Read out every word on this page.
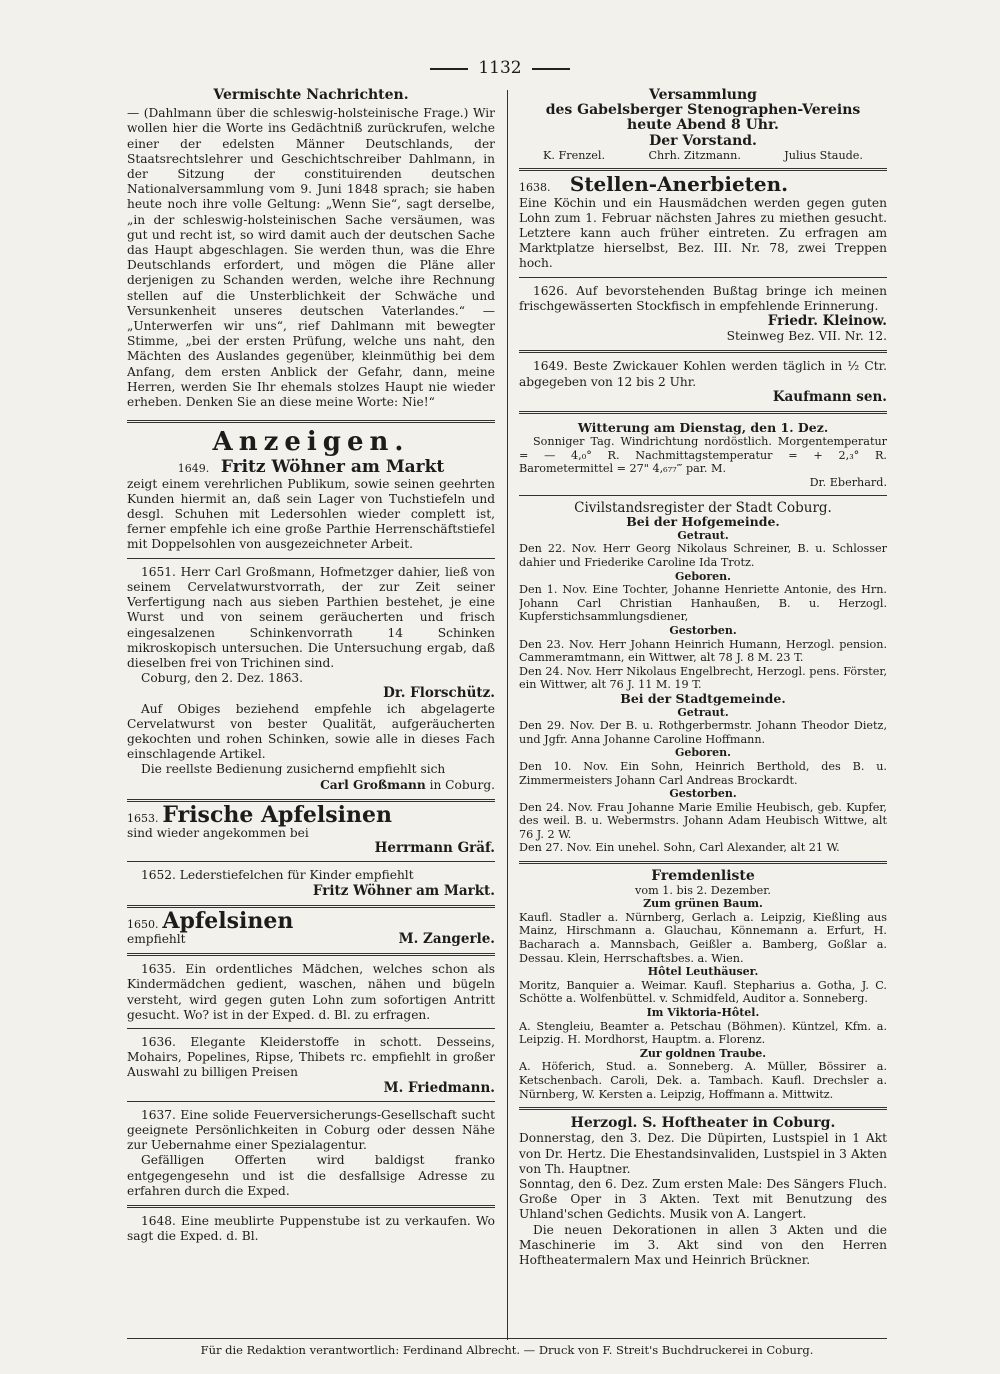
1132

Vermischte Nachrichten.

— (Dahlmann über die schleswig-holsteinische Frage.) Wir wollen hier die Worte ins Gedächtniß zurückrufen, welche einer der edelsten Männer Deutschlands, der Staatsrechtslehrer und Geschichtschreiber Dahlmann, in der Sitzung der constituirenden deutschen Nationalversammlung vom 9. Juni 1848 sprach; sie haben heute noch ihre volle Geltung: „Wenn Sie“, sagt derselbe, „in der schleswig-holsteinischen Sache versäumen, was gut und recht ist, so wird damit auch der deutschen Sache das Haupt abgeschlagen. Sie werden thun, was die Ehre Deutschlands erfordert, und mögen die Pläne aller derjenigen zu Schanden werden, welche ihre Rechnung stellen auf die Unsterblichkeit der Schwäche und Versunkenheit unseres deutschen Vaterlandes.“ — „Unterwerfen wir uns“, rief Dahlmann mit bewegter Stimme, „bei der ersten Prüfung, welche uns naht, den Mächten des Auslandes gegenüber, kleinmüthig bei dem Anfang, dem ersten Anblick der Gefahr, dann, meine Herren, werden Sie Ihr ehemals stolzes Haupt nie wieder erheben. Denken Sie an diese meine Worte: Nie!“

Anzeigen.

1649. Fritz Wöhner am Markt

zeigt einem verehrlichen Publikum, sowie seinen geehrten Kunden hiermit an, daß sein Lager von Tuchstiefeln und desgl. Schuhen mit Ledersohlen wieder complett ist, ferner empfehle ich eine große Parthie Herrenschäftstiefel mit Doppelsohlen von ausgezeichneter Arbeit.

1651. Herr Carl Großmann, Hofmetzger dahier, ließ von seinem Cervelatwurstvorrath, der zur Zeit seiner Verfertigung nach aus sieben Parthien bestehet, je eine Wurst und von seinem geräucherten und frisch eingesalzenen Schinkenvorrath 14 Schinken mikroskopisch untersuchen. Die Untersuchung ergab, daß dieselben frei von Trichinen sind.

Coburg, den 2. Dez. 1863.

Dr. Florschütz.

Auf Obiges beziehend empfehle ich abgelagerte Cervelatwurst von bester Qualität, aufgeräucherten gekochten und rohen Schinken, sowie alle in dieses Fach einschlagende Artikel.

Die reellste Bedienung zusichernd empfiehlt sich

Carl Großmann in Coburg.

1653. Frische Apfelsinen

sind wieder angekommen bei

Herrmann Gräf.

1652. Lederstiefelchen für Kinder empfiehlt

Fritz Wöhner am Markt.

1650. Apfelsinen

empfiehlt	M. Zangerle.

1635. Ein ordentliches Mädchen, welches schon als Kindermädchen gedient, waschen, nähen und bügeln versteht, wird gegen guten Lohn zum sofortigen Antritt gesucht. Wo? ist in der Exped. d. Bl. zu erfragen.

1636. Elegante Kleiderstoffe in schott. Desseins, Mohairs, Popelines, Ripse, Thibets rc. empfiehlt in großer Auswahl zu billigen Preisen

M. Friedmann.

1637. Eine solide Feuerversicherungs-Gesellschaft sucht geeignete Persönlichkeiten in Coburg oder dessen Nähe zur Uebernahme einer Spezialagentur.

Gefälligen Offerten wird baldigst franko entgegengesehn und ist die desfallsige Adresse zu erfahren durch die Exped.

1648. Eine meublirte Puppenstube ist zu verkaufen. Wo sagt die Exped. d. Bl.

Versammlung

des Gabelsberger Stenographen-Vereins

heute Abend 8 Uhr.

Der Vorstand.

K. Frenzel.	Chrh. Zitzmann.	Julius Staude.

1638. Stellen-Anerbieten.

Eine Köchin und ein Hausmädchen werden gegen guten Lohn zum 1. Februar nächsten Jahres zu miethen gesucht. Letztere kann auch früher eintreten. Zu erfragen am Marktplatze hierselbst, Bez. III. Nr. 78, zwei Treppen hoch.

1626. Auf bevorstehenden Bußtag bringe ich meinen frischgewässerten Stockfisch in empfehlende Erinnerung.

Friedr. Kleinow.

Steinweg Bez. VII. Nr. 12.

1649. Beste Zwickauer Kohlen werden täglich in ½ Ctr. abgegeben von 12 bis 2 Uhr.

Kaufmann sen.

Witterung am Dienstag, den 1. Dez.

Sonniger Tag. Windrichtung nordöstlich. Morgentemperatur = — 4,₀° R. Nachmittagstemperatur = + 2,₃° R. Barometermittel = 27" 4,₆₇₇‴ par. M.

Dr. Eberhard.

Civilstandsregister der Stadt Coburg.

Bei der Hofgemeinde.

Getraut.

Den 22. Nov. Herr Georg Nikolaus Schreiner, B. u. Schlosser dahier und Friederike Caroline Ida Trotz.

Geboren.

Den 1. Nov. Eine Tochter, Johanne Henriette Antonie, des Hrn. Johann Carl Christian Hanhaußen, B. u. Herzogl. Kupferstichsammlungsdiener,

Gestorben.

Den 23. Nov. Herr Johann Heinrich Humann, Herzogl. pension. Cammeramtmann, ein Wittwer, alt 78 J. 8 M. 23 T.

Den 24. Nov. Herr Nikolaus Engelbrecht, Herzogl. pens. Förster, ein Wittwer, alt 76 J. 11 M. 19 T.

Bei der Stadtgemeinde.

Getraut.

Den 29. Nov. Der B. u. Rothgerbermstr. Johann Theodor Dietz, und Jgfr. Anna Johanne Caroline Hoffmann.

Geboren.

Den 10. Nov. Ein Sohn, Heinrich Berthold, des B. u. Zimmermeisters Johann Carl Andreas Brockardt.

Gestorben.

Den 24. Nov. Frau Johanne Marie Emilie Heubisch, geb. Kupfer, des weil. B. u. Webermstrs. Johann Adam Heubisch Wittwe, alt 76 J. 2 W.

Den 27. Nov. Ein unehel. Sohn, Carl Alexander, alt 21 W.

Fremdenliste

vom 1. bis 2. Dezember.

Zum grünen Baum.

Kaufl. Stadler a. Nürnberg, Gerlach a. Leipzig, Kießling aus Mainz, Hirschmann a. Glauchau, Könnemann a. Erfurt, H. Bacharach a. Mannsbach, Geißler a. Bamberg, Goßlar a. Dessau. Klein, Herrschaftsbes. a. Wien.

Hôtel Leuthäuser.

Moritz, Banquier a. Weimar. Kaufl. Stepharius a. Gotha, J. C. Schötte a. Wolfenbüttel. v. Schmidfeld, Auditor a. Sonneberg.

Im Viktoria-Hôtel.

A. Stengleiu, Beamter a. Petschau (Böhmen). Küntzel, Kfm. a. Leipzig. H. Mordhorst, Hauptm. a. Florenz.

Zur goldnen Traube.

A. Höferich, Stud. a. Sonneberg. A. Müller, Bössirer a. Ketschenbach. Caroli, Dek. a. Tambach. Kaufl. Drechsler a. Nürnberg, W. Kersten a. Leipzig, Hoffmann a. Mittwitz.

Herzogl. S. Hoftheater in Coburg.

Donnerstag, den 3. Dez. Die Düpirten, Lustspiel in 1 Akt von Dr. Hertz. Die Ehestandsinvaliden, Lustspiel in 3 Akten von Th. Hauptner.

Sonntag, den 6. Dez. Zum ersten Male: Des Sängers Fluch. Große Oper in 3 Akten. Text mit Benutzung des Uhland'schen Gedichts. Musik von A. Langert.

Die neuen Dekorationen in allen 3 Akten und die Maschinerie im 3. Akt sind von den Herren Hoftheatermalern Max und Heinrich Brückner.

Für die Redaktion verantwortlich: Ferdinand Albrecht. — Druck von F. Streit's Buchdruckerei in Coburg.
